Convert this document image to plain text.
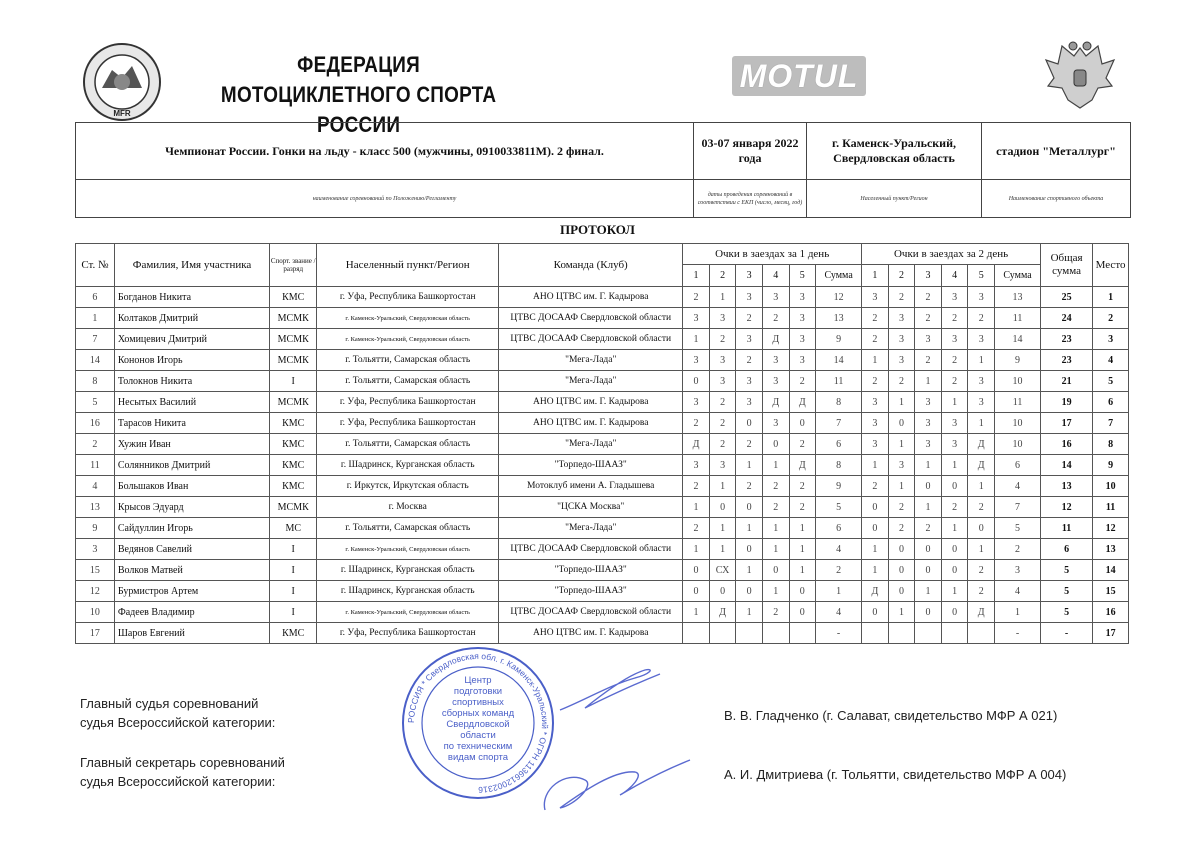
MFR
ФЕДЕРАЦИЯ
МОТОЦИКЛЕТНОГО СПОРТА РОССИИ
MOTUL
Чемпионат России. Гонки на льду - класс 500 (мужчины, 0910033811М). 2 финал.
03-07 января 2022 года
г. Каменск-Уральский, Свердловская область
стадион "Металлург"
наименование соревнований по Положению/Регламенту
даты проведения соревнований в соответствии с ЕКП (число, месяц, год)
Населенный пункт/Регион	Наименование спортивного объекта
ПРОТОКОЛ
Ст. №	Фамилия, Имя участника	Спорт. звание / разряд	Населенный пункт/Регион	Команда (Клуб)	Очки в заездах за 1 день						Очки в заездах за 2 день						Общая сумма	Место
					1	2	3	4	5	Сумма	1	2	3	4	5	Сумма		
6	Богданов Никита	КМС	г. Уфа, Республика Башкортостан	АНО ЦТВС им. Г. Кадырова	2	1	3	3	3	12	3	2	2	3	3	13	25	1
1	Колтаков Дмитрий	МСМК	г. Каменск-Уральский, Свердловская область	ЦТВС ДОСААФ Свердловской области	3	3	2	2	3	13	2	3	2	2	2	11	24	2
7	Хомицевич Дмитрий	МСМК	г. Каменск-Уральский, Свердловская область	ЦТВС ДОСААФ Свердловской области	1	2	3	Д	3	9	2	3	3	3	3	14	23	3
14	Кононов Игорь	МСМК	г. Тольятти, Самарская область	"Мега-Лада"	3	3	2	3	3	14	1	3	2	2	1	9	23	4
8	Толокнов Никита	I	г. Тольятти, Самарская область	"Мега-Лада"	0	3	3	3	2	11	2	2	1	2	3	10	21	5
5	Несытых Василий	МСМК	г. Уфа, Республика Башкортостан	АНО ЦТВС им. Г. Кадырова	3	2	3	Д	Д	8	3	1	3	1	3	11	19	6
16	Тарасов Никита	КМС	г. Уфа, Республика Башкортостан	АНО ЦТВС им. Г. Кадырова	2	2	0	3	0	7	3	0	3	3	1	10	17	7
2	Хужин Иван	КМС	г. Тольятти, Самарская область	"Мега-Лада"	Д	2	2	0	2	6	3	1	3	3	Д	10	16	8
11	Солянников Дмитрий	КМС	г. Шадринск, Курганская область	"Торпедо-ШААЗ"	3	3	1	1	Д	8	1	3	1	1	Д	6	14	9
4	Большаков Иван	КМС	г. Иркутск, Иркутская область	Мотоклуб имени А. Гладышева	2	1	2	2	2	9	2	1	0	0	1	4	13	10
13	Крысов Эдуард	МСМК	г. Москва	"ЦСКА Москва"	1	0	0	2	2	5	0	2	1	2	2	7	12	11
9	Сайдуллин Игорь	МС	г. Тольятти, Самарская область	"Мега-Лада"	2	1	1	1	1	6	0	2	2	1	0	5	11	12
3	Ведянов Савелий	I	г. Каменск-Уральский, Свердловская область	ЦТВС ДОСААФ Свердловской области	1	1	0	1	1	4	1	0	0	0	1	2	6	13
15	Волков Матвей	I	г. Шадринск, Курганская область	"Торпедо-ШААЗ"	0	СХ	1	0	1	2	1	0	0	0	2	3	5	14
12	Бурмистров Артем	I	г. Шадринск, Курганская область	"Торпедо-ШААЗ"	0	0	0	1	0	1	Д	0	1	1	2	4	5	15
10	Фадеев Владимир	I	г. Каменск-Уральский, Свердловская область	ЦТВС ДОСААФ Свердловской области	1	Д	1	2	0	4	0	1	0	0	Д	1	5	16
17	Шаров Евгений	КМС	г. Уфа, Республика Башкортостан	АНО ЦТВС им. Г. Кадырова						-						-	-	17
Главный судья соревнований
судья Всероссийской категории:	В. В. Гладченко (г. Салават, свидетельство МФР А 021)
Главный секретарь соревнований
судья Всероссийской категории:	А. И. Дмитриева (г. Тольятти, свидетельство МФР А 004)
РОССИЯ * Свердловская обл. г. Каменск-Уральский * ОГРН 1136612002316
Центр
подготовки
спортивных
сборных команд
Свердловской
области
по техническим
видам спорта
